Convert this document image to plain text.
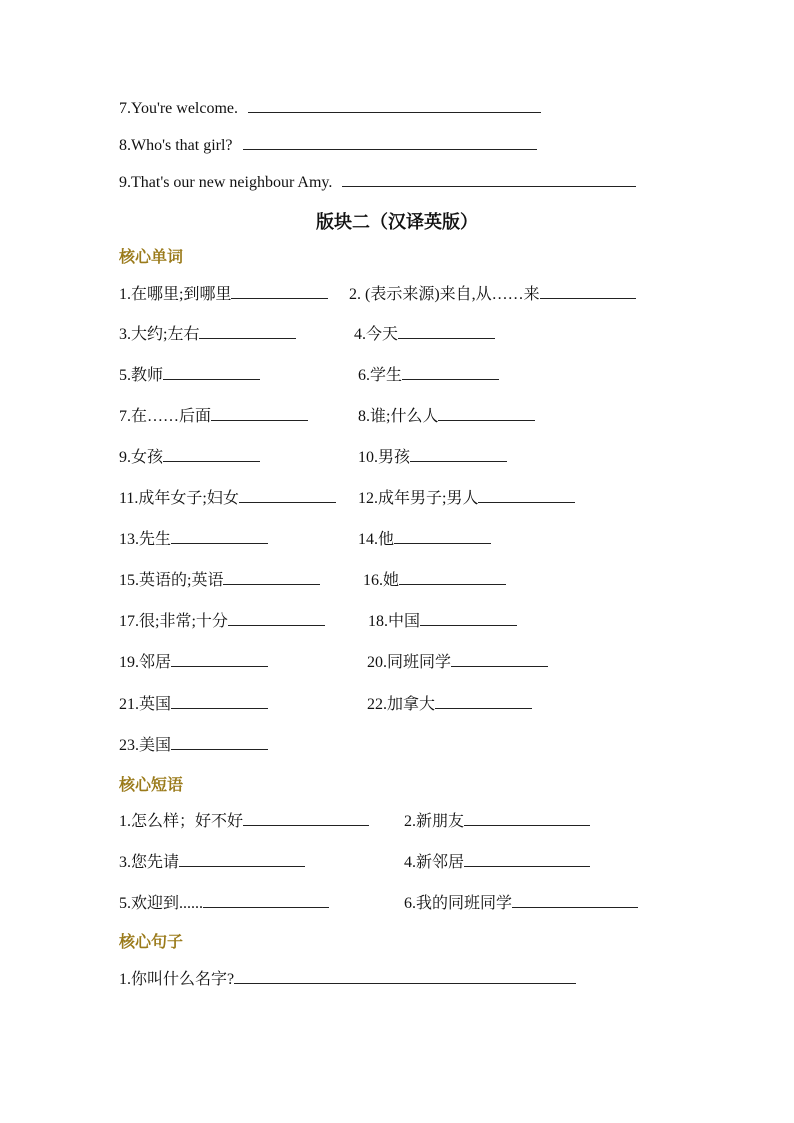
7.You're welcome.
8.Who's that girl?
9.That's our new neighbour Amy.
版块二（汉译英版）
核心单词
1.在哪里;到哪里	2. (表示来源)来自,从……来
3.大约;左右	4.今天
5.教师	6.学生
7.在……后面	8.谁;什么人
9.女孩	10.男孩
11.成年女子;妇女	12.成年男子;男人
13.先生	14.他
15.英语的;英语	16.她
17.很;非常;十分	18.中国
19.邻居	20.同班同学
21.英国	22.加拿大
23.美国
核心短语
1.怎么样；好不好	2.新朋友
3.您先请	4.新邻居
5.欢迎到......	6.我的同班同学
核心句子
1.你叫什么名字?
